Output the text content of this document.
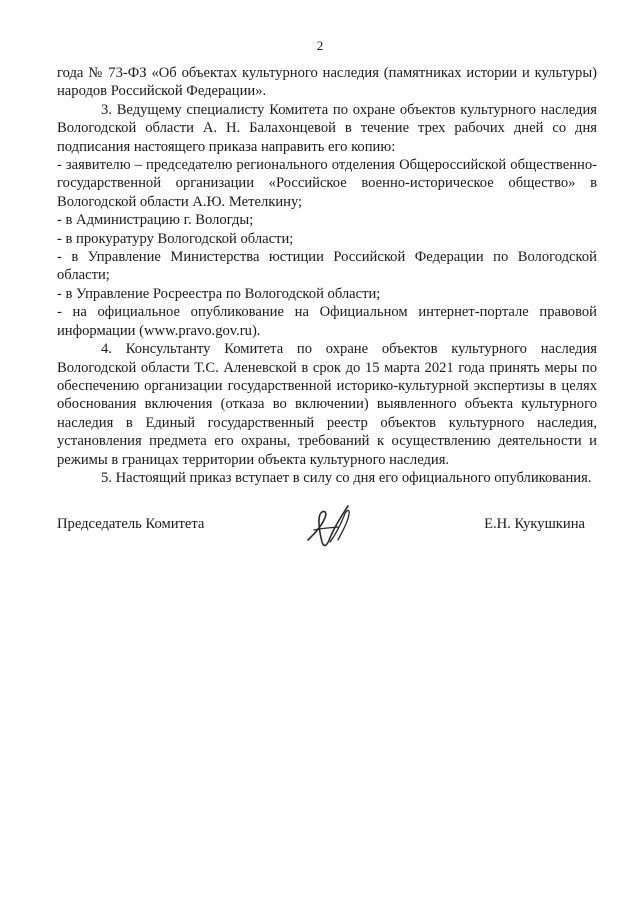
2

года № 73-ФЗ «Об объектах культурного наследия (памятниках истории и культуры) народов Российской Федерации».

3. Ведущему специалисту Комитета по охране объектов культурного наследия Вологодской области А. Н. Балахонцевой в течение трех рабочих дней со дня подписания настоящего приказа направить его копию:

- заявителю – председателю регионального отделения Общероссийской общественно-государственной организации «Российское военно-историческое общество» в Вологодской области А.Ю. Метелкину;

- в Администрацию г. Вологды;

- в прокуратуру Вологодской области;

- в Управление Министерства юстиции Российской Федерации по Вологодской области;

- в Управление Росреестра по Вологодской области;

- на официальное опубликование на Официальном интернет-портале правовой информации (www.pravo.gov.ru).

4. Консультанту Комитета по охране объектов культурного наследия Вологодской области Т.С. Аленевской в срок до 15 марта 2021 года принять меры по обеспечению организации государственной историко-культурной экспертизы в целях обоснования включения (отказа во включении) выявленного объекта культурного наследия в Единый государственный реестр объектов культурного наследия, установления предмета его охраны, требований к осуществлению деятельности и режимы в границах территории объекта культурного наследия.

5. Настоящий приказ вступает в силу со дня его официального опубликования.

Председатель Комитета	Е.Н. Кукушкина
